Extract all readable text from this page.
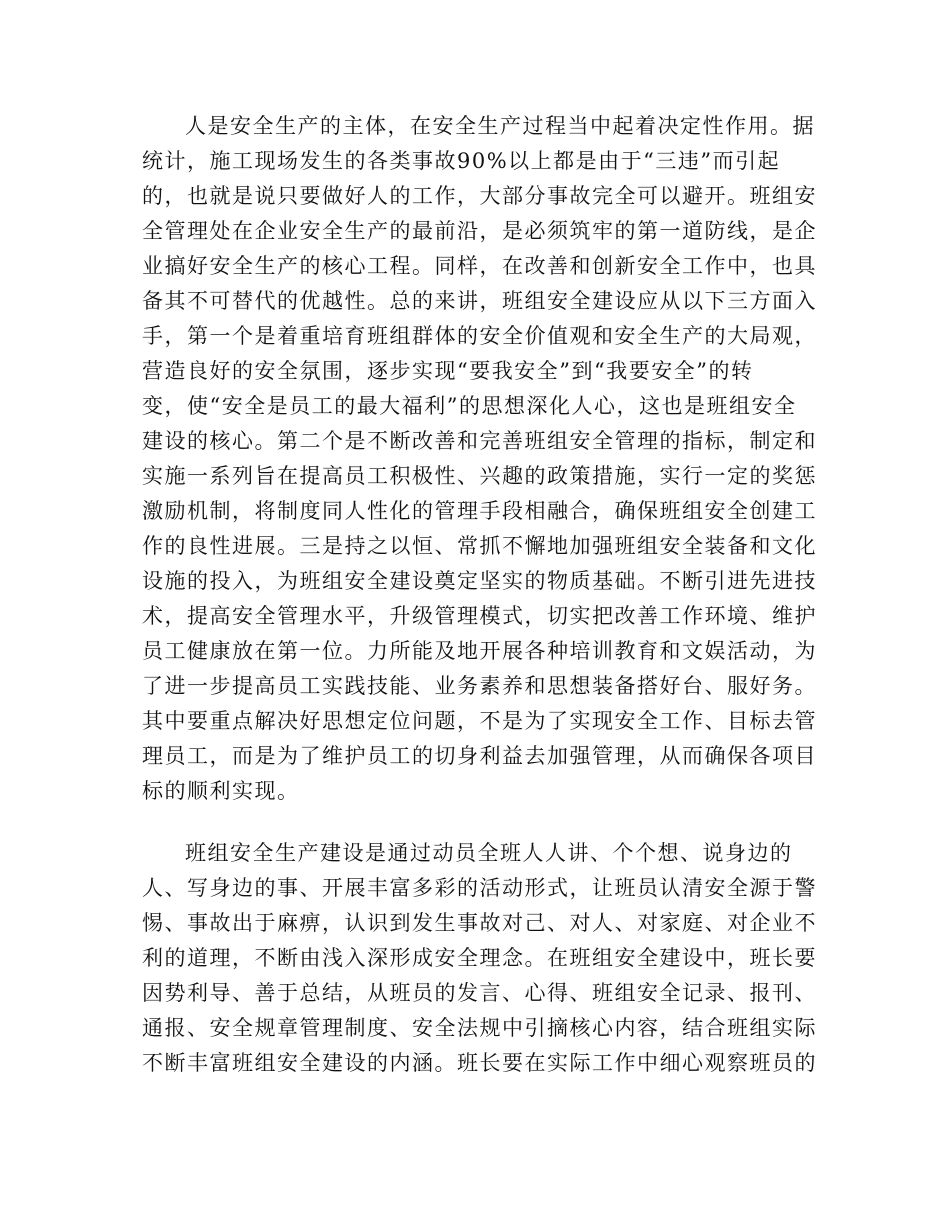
人是安全生产的主体，在安全生产过程当中起着决定性作用。据
统计，施工现场发生的各类事故90%以上都是由于“三违”而引起
的，也就是说只要做好人的工作，大部分事故完全可以避开。班组安
全管理处在企业安全生产的最前沿，是必须筑牢的第一道防线，是企
业搞好安全生产的核心工程。同样，在改善和创新安全工作中，也具
备其不可替代的优越性。总的来讲，班组安全建设应从以下三方面入
手，第一个是着重培育班组群体的安全价值观和安全生产的大局观，
营造良好的安全氛围，逐步实现“要我安全”到“我要安全”的转
变，使“安全是员工的最大福利”的思想深化人心，这也是班组安全
建设的核心。第二个是不断改善和完善班组安全管理的指标，制定和
实施一系列旨在提高员工积极性、兴趣的政策措施，实行一定的奖惩
激励机制，将制度同人性化的管理手段相融合，确保班组安全创建工
作的良性进展。三是持之以恒、常抓不懈地加强班组安全装备和文化
设施的投入，为班组安全建设奠定坚实的物质基础。不断引进先进技
术，提高安全管理水平，升级管理模式，切实把改善工作环境、维护
员工健康放在第一位。力所能及地开展各种培训教育和文娱活动，为
了进一步提高员工实践技能、业务素养和思想装备搭好台、服好务。
其中要重点解决好思想定位问题，不是为了实现安全工作、目标去管
理员工，而是为了维护员工的切身利益去加强管理，从而确保各项目
标的顺利实现。
班组安全生产建设是通过动员全班人人讲、个个想、说身边的
人、写身边的事、开展丰富多彩的活动形式，让班员认清安全源于警
惕、事故出于麻痹，认识到发生事故对己、对人、对家庭、对企业不
利的道理，不断由浅入深形成安全理念。在班组安全建设中，班长要
因势利导、善于总结，从班员的发言、心得、班组安全记录、报刊、
通报、安全规章管理制度、安全法规中引摘核心内容，结合班组实际
不断丰富班组安全建设的内涵。班长要在实际工作中细心观察班员的
